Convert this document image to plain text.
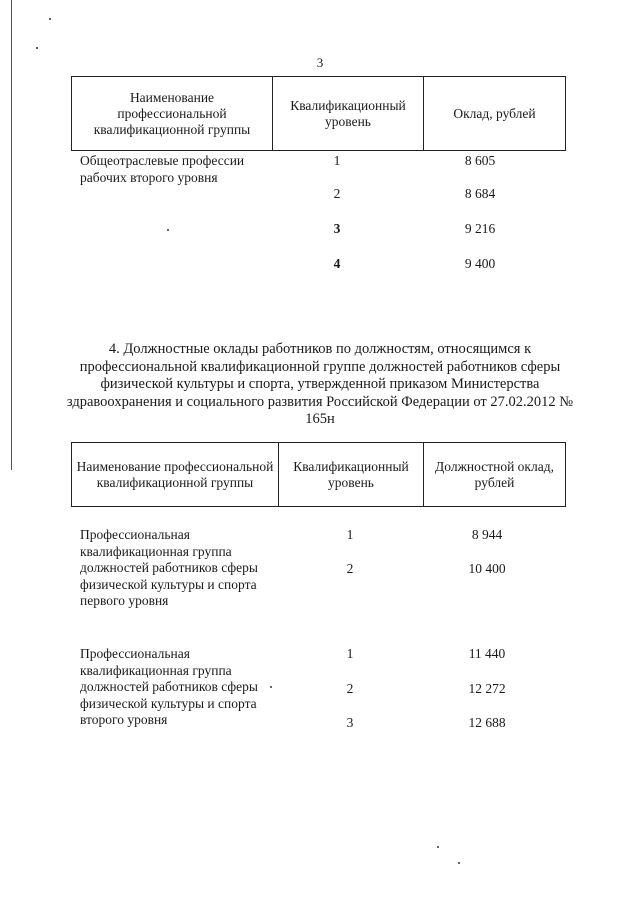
3
Наименование профессиональной квалификационной группы	Квалификационный уровень	Оклад, рублей
Общеотраслевые профессии рабочих второго уровня
1	8 605
2	8 684
3	9 216
4	9 400
4. Должностные оклады работников по должностям, относящимся к профессиональной квалификационной группе должностей работников сферы физической культуры и спорта, утвержденной приказом Министерства здравоохранения и социального развития Российской Федерации от 27.02.2012 № 165н
Наименование профессиональной квалификационной группы	Квалификационный уровень	Должностной оклад, рублей
Профессиональная квалификационная группа должностей работников сферы физической культуры и спорта первого уровня
1	8 944
2	10 400
Профессиональная квалификационная группа должностей работников сферы физической культуры и спорта второго уровня
1	11 440
2	12 272
3	12 688
